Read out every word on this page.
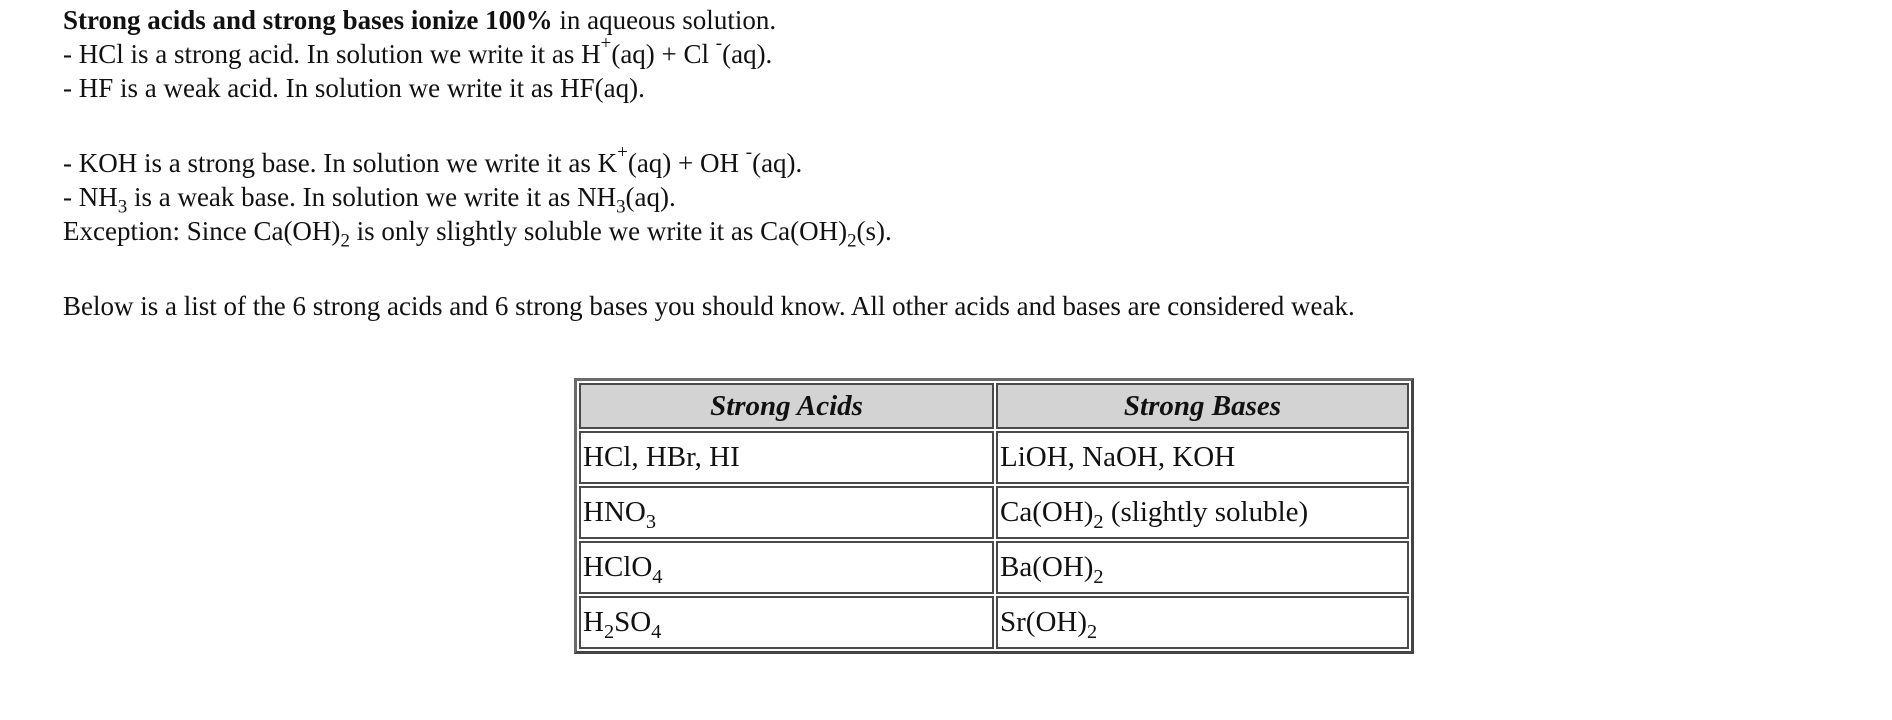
Strong acids and strong bases ionize 100% in aqueous solution.
- HCl is a strong acid. In solution we write it as H+(aq) + Cl -(aq).
- HF is a weak acid. In solution we write it as HF(aq).
- KOH is a strong base. In solution we write it as K+(aq) + OH -(aq).
- $NH_3$ is a weak base. In solution we write it as $NH_3(aq)$.
Exception: Since $Ca(OH)_2$ is only slightly soluble we write it as $Ca(OH)_2(s)$.
Below is a list of the 6 strong acids and 6 strong bases you should know. All other acids and bases are considered weak.
Strong Acids	Strong Bases
HCl, HBr, HI	LiOH, NaOH, KOH
$HNO_3$	$Ca(OH)_2$ (slightly soluble)
HClO$_4$	$Ba(OH)_2$
$H_2SO_4$	$Sr(OH)_2$
